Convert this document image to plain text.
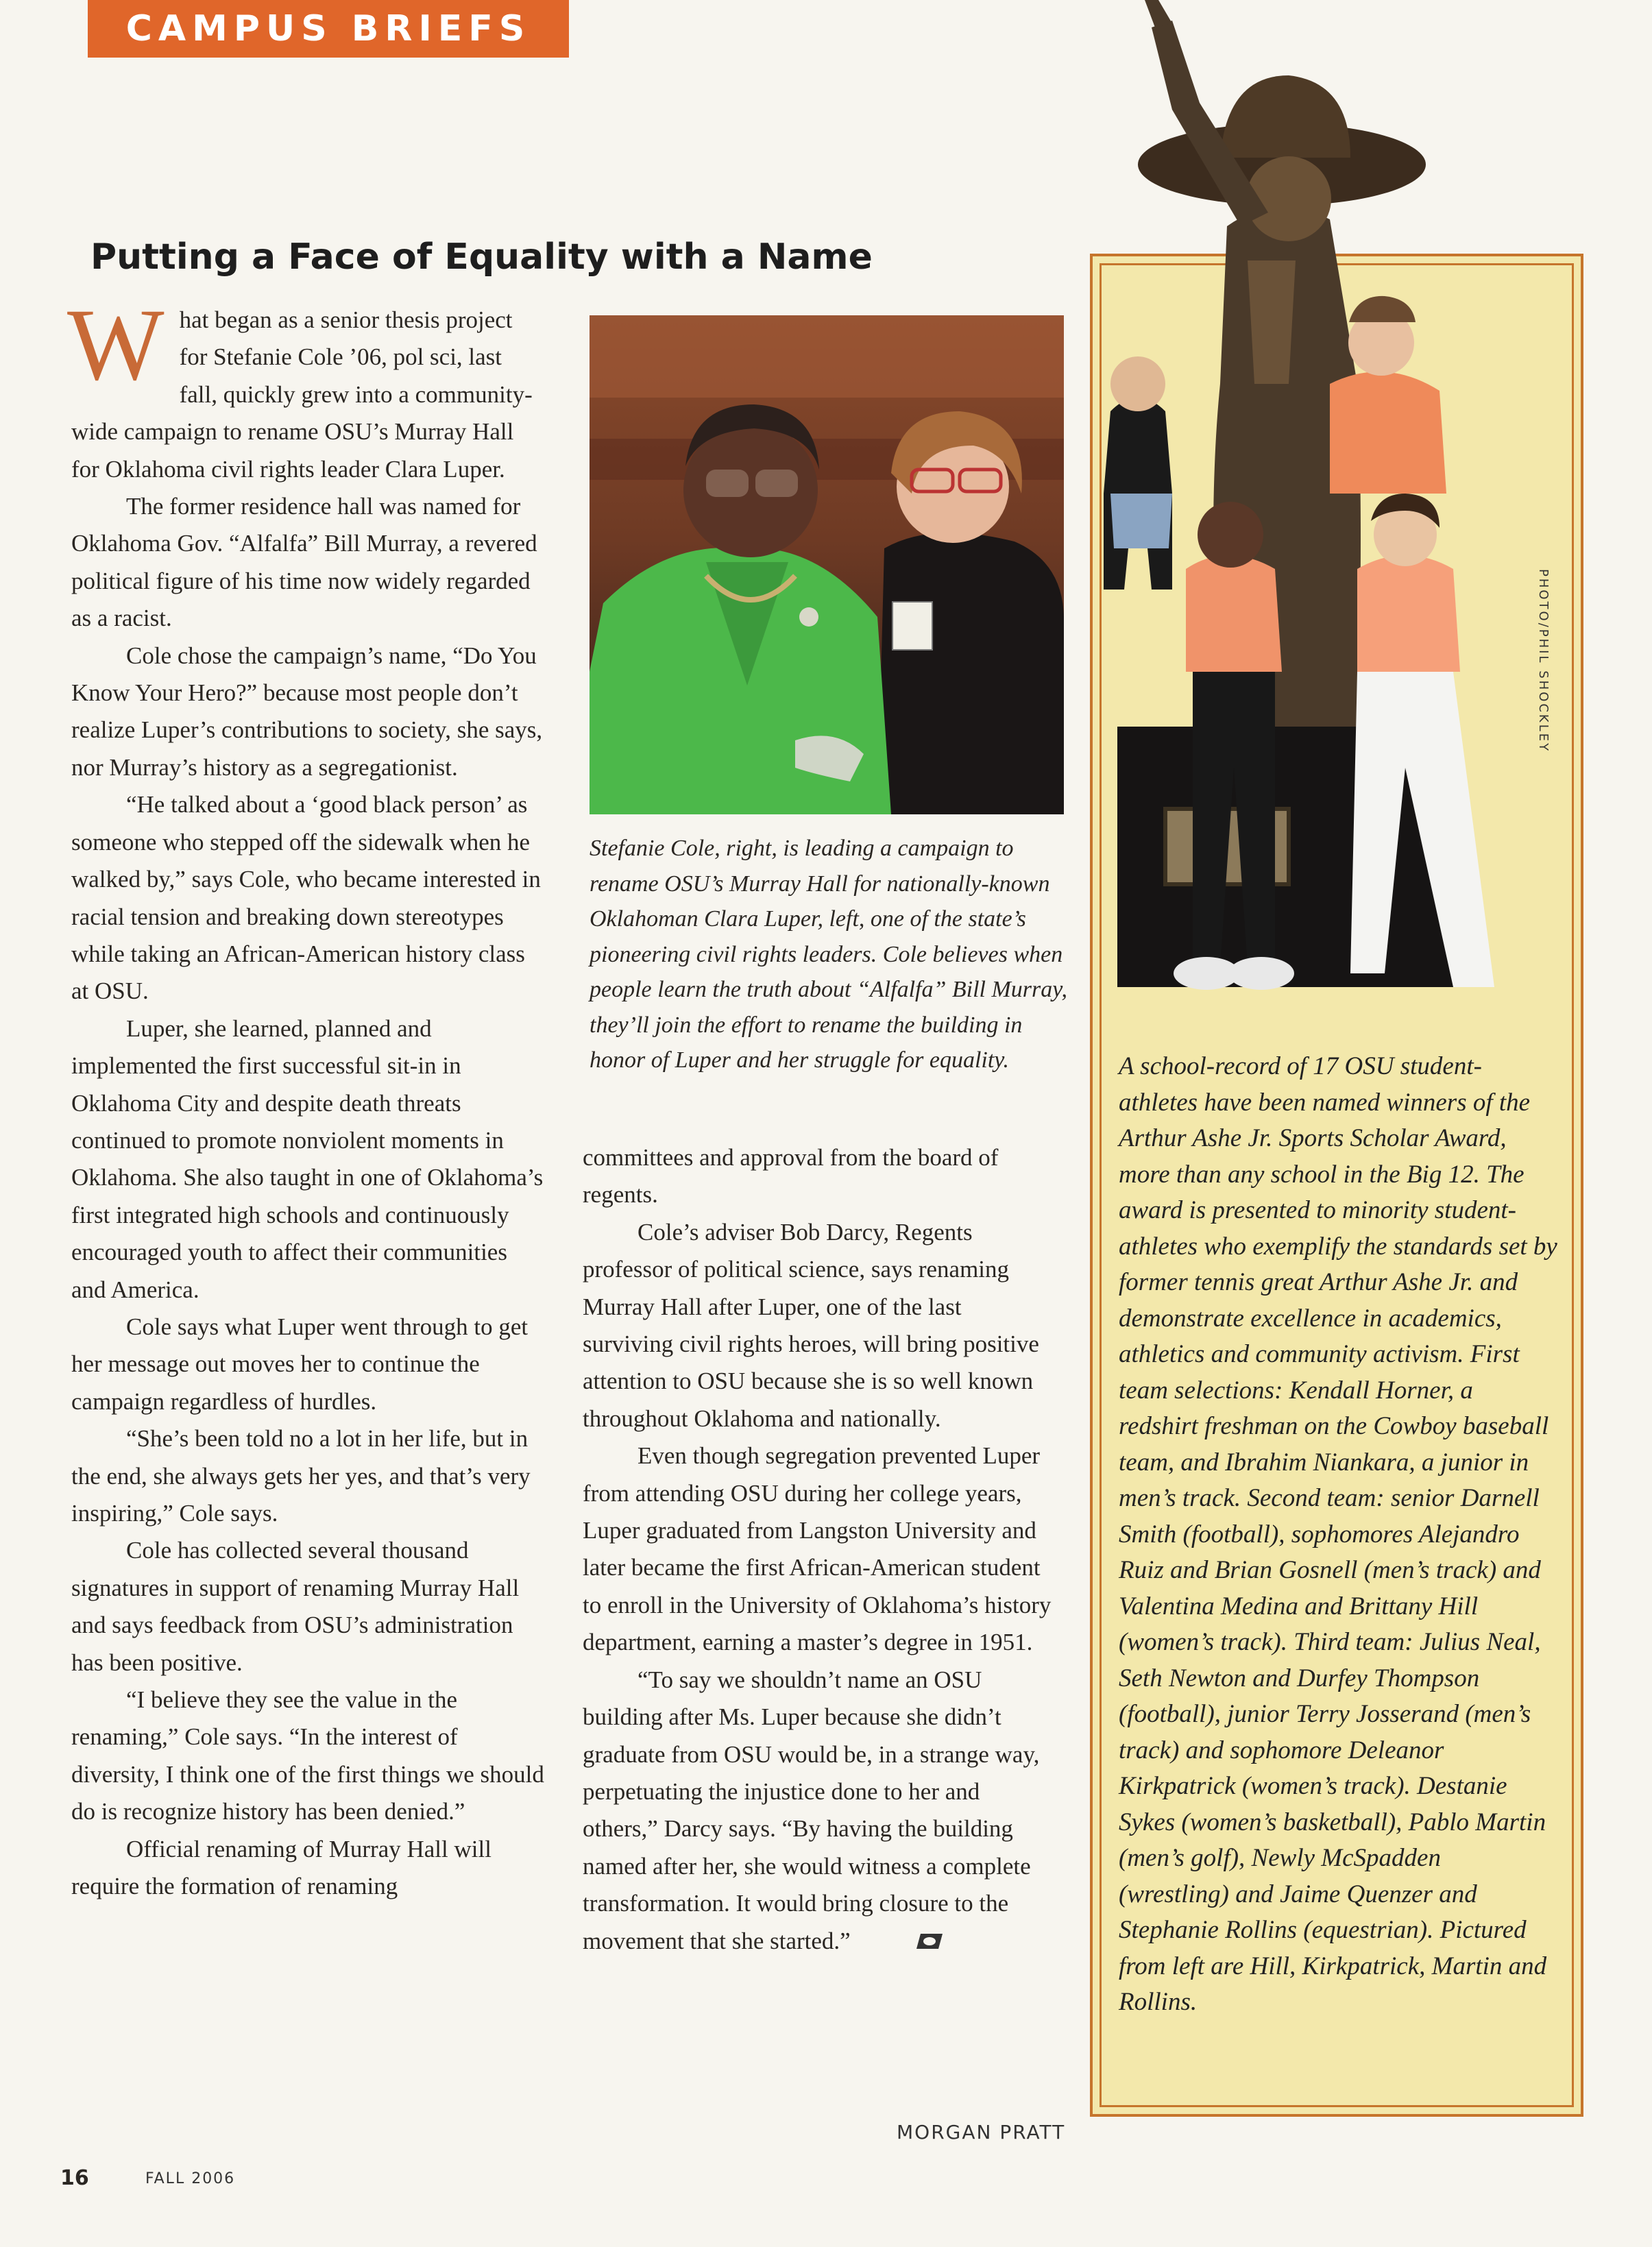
CAMPUS BRIEFS
Putting a Face of Equality with a Name

What began as a senior thesis project for Stefanie Cole ’06, pol sci, last fall, quickly grew into a community-wide campaign to rename OSU’s Murray Hall for Oklahoma civil rights leader Clara Luper.

The former residence hall was named for Oklahoma Gov. “Alfalfa” Bill Murray, a revered political figure of his time now widely regarded as a racist.

Cole chose the campaign’s name, “Do You Know Your Hero?” because most people don’t realize Luper’s contributions to society, she says, nor Murray’s history as a segregationist.

“He talked about a ‘good black person’ as someone who stepped off the sidewalk when he walked by,” says Cole, who became interested in racial tension and breaking down stereotypes while taking an African-American history class at OSU.

Luper, she learned, planned and implemented the first successful sit-in in Oklahoma City and despite death threats continued to promote nonviolent moments in Oklahoma. She also taught in one of Oklahoma’s first integrated high schools and continuously encouraged youth to affect their communities and America.

Cole says what Luper went through to get her message out moves her to continue the campaign regardless of hurdles.

“She’s been told no a lot in her life, but in the end, she always gets her yes, and that’s very inspiring,” Cole says.

Cole has collected several thousand signatures in support of renaming Murray Hall and says feedback from OSU’s administration has been positive.

“I believe they see the value in the renaming,” Cole says. “In the interest of diversity, I think one of the first things we should do is recognize history has been denied.”

Official renaming of Murray Hall will require the formation of renaming

Stefanie Cole, right, is leading a campaign to rename OSU’s Murray Hall for nationally-known Oklahoman Clara Luper, left, one of the state’s pioneering civil rights leaders. Cole believes when people learn the truth about “Alfalfa” Bill Murray, they’ll join the effort to rename the building in honor of Luper and her struggle for equality.

committees and approval from the board of regents.

Cole’s adviser Bob Darcy, Regents professor of political science, says renaming Murray Hall after Luper, one of the last surviving civil rights heroes, will bring positive attention to OSU because she is so well known throughout Oklahoma and nationally.

Even though segregation prevented Luper from attending OSU during her college years, Luper graduated from Langston University and later became the first African-American student to enroll in the University of Oklahoma’s history department, earning a master’s degree in 1951.

“To say we shouldn’t name an OSU building after Ms. Luper because she didn’t graduate from OSU would be, in a strange way, perpetuating the injustice done to her and others,” Darcy says. “By having the building named after her, she would witness a complete transformation. It would bring closure to the movement that she started.”

MORGAN PRATT
PHOTO/PHIL SHOCKLEY
A school-record of 17 OSU student-athletes have been named winners of the Arthur Ashe Jr. Sports Scholar Award, more than any school in the Big 12. The award is presented to minority student-athletes who exemplify the standards set by former tennis great Arthur Ashe Jr. and demonstrate excellence in academics, athletics and community activism. First team selections: Kendall Horner, a redshirt freshman on the Cowboy baseball team, and Ibrahim Niankara, a junior in men’s track. Second team: senior Darnell Smith (football), sophomores Alejandro Ruiz and Brian Gosnell (men’s track) and Valentina Medina and Brittany Hill (women’s track). Third team: Julius Neal, Seth Newton and Durfey Thompson (football), junior Terry Josserand (men’s track) and sophomore Deleanor Kirkpatrick (women’s track). Destanie Sykes (women’s basketball), Pablo Martin (men’s golf), Newly McSpadden (wrestling) and Jaime Quenzer and Stephanie Rollins (equestrian). Pictured from left are Hill, Kirkpatrick, Martin and Rollins.
16	FALL 2006
